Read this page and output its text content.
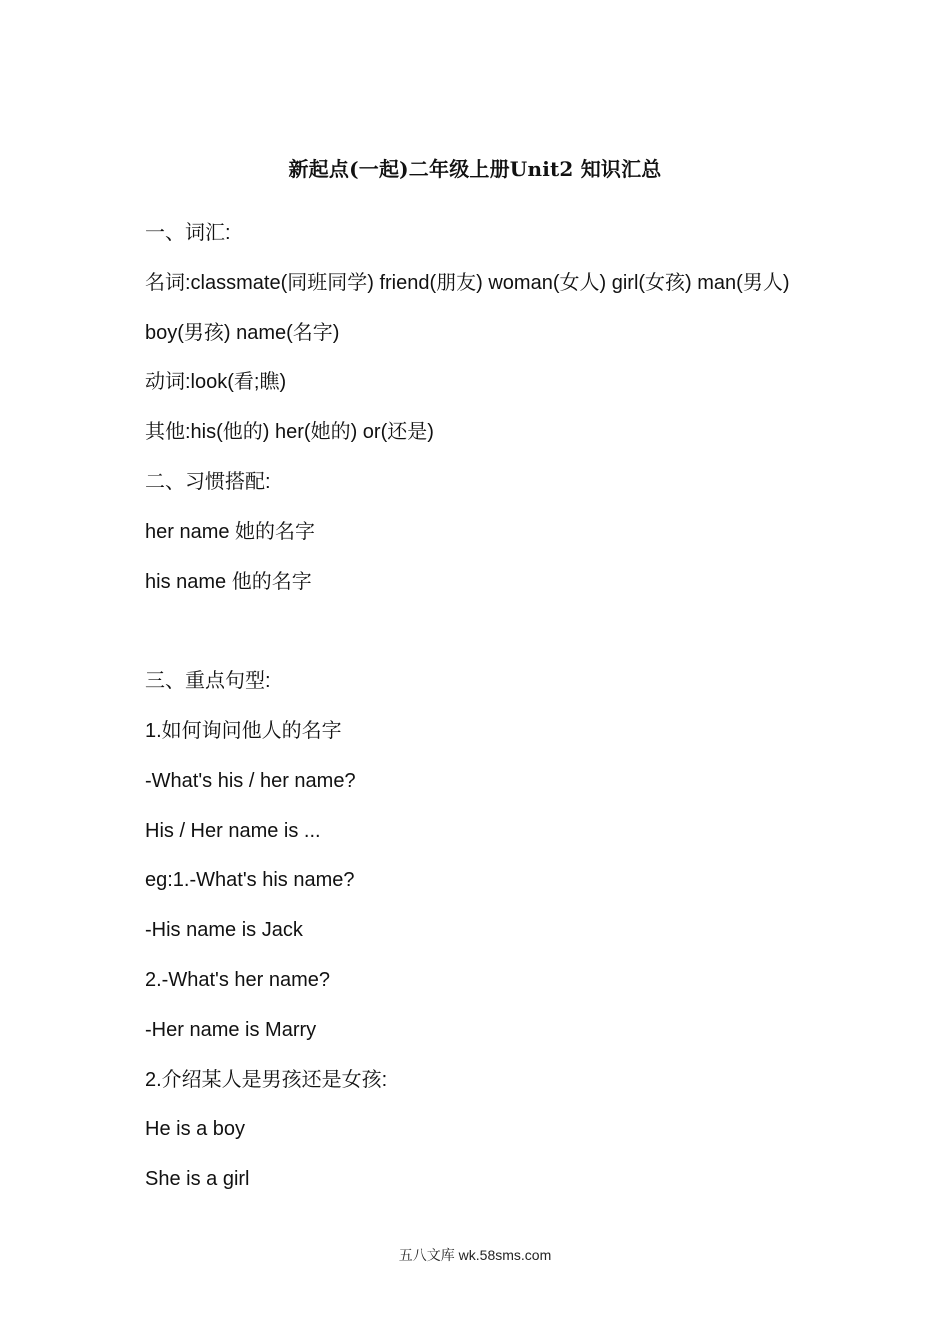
新起点(一起)二年级上册Unit2 知识汇总
一、词汇:
名词:classmate(同班同学) friend(朋友) woman(女人) girl(女孩) man(男人) boy(男孩) name(名字)
动词:look(看;瞧)
其他:his(他的) her(她的) or(还是)
二、习惯搭配:
her name 她的名字
his name 他的名字
三、重点句型:
1.如何询问他人的名字
-What's his / her name?
His / Her name is ...
eg:1.-What's his name?
-His name is Jack
2.-What's her name?
-Her name is Marry
2.介绍某人是男孩还是女孩:
He is a boy
She is a girl
五八文库 wk.58sms.com
